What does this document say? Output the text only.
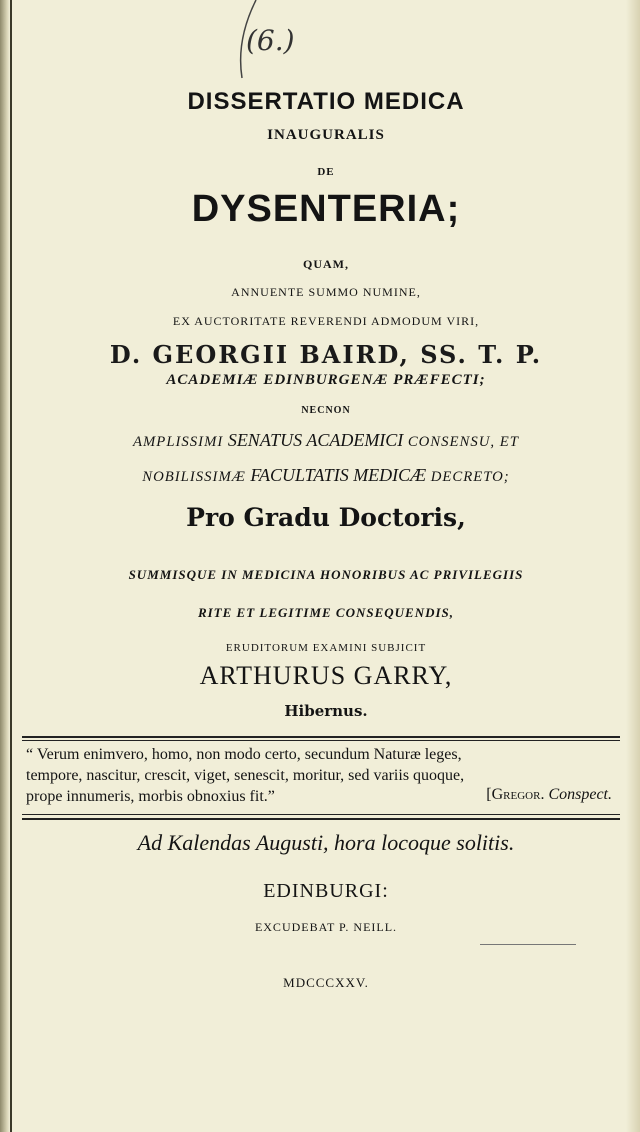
(6.)
DISSERTATIO MEDICA
INAUGURALIS
DE
DYSENTERIA;
QUAM,
ANNUENTE SUMMO NUMINE,
EX AUCTORITATE REVERENDI ADMODUM VIRI,
D. GEORGII BAIRD, SS. T. P.
ACADEMIÆ EDINBURGENÆ PRÆFECTI;
NECNON
AMPLISSIMI SENATUS ACADEMICI CONSENSU, ET
NOBILISSIMÆ FACULTATIS MEDICÆ DECRETO;
Pro Gradu Doctoris,
SUMMISQUE IN MEDICINA HONORIBUS AC PRIVILEGIIS
RITE ET LEGITIME CONSEQUENDIS,
ERUDITORUM EXAMINI SUBJICIT
ARTHURUS GARRY,
Hibernus.
“ Verum enimvero, homo, non modo certo, secundum Naturæ leges,
tempore, nascitur, crescit, viget, senescit, moritur, sed variis quoque,
prope innumeris, morbis obnoxius fit.”	[Gregor. Conspect.
Ad Kalendas Augusti, hora locoque solitis.
EDINBURGI:
EXCUDEBAT P. NEILL.
MDCCCXXV.
